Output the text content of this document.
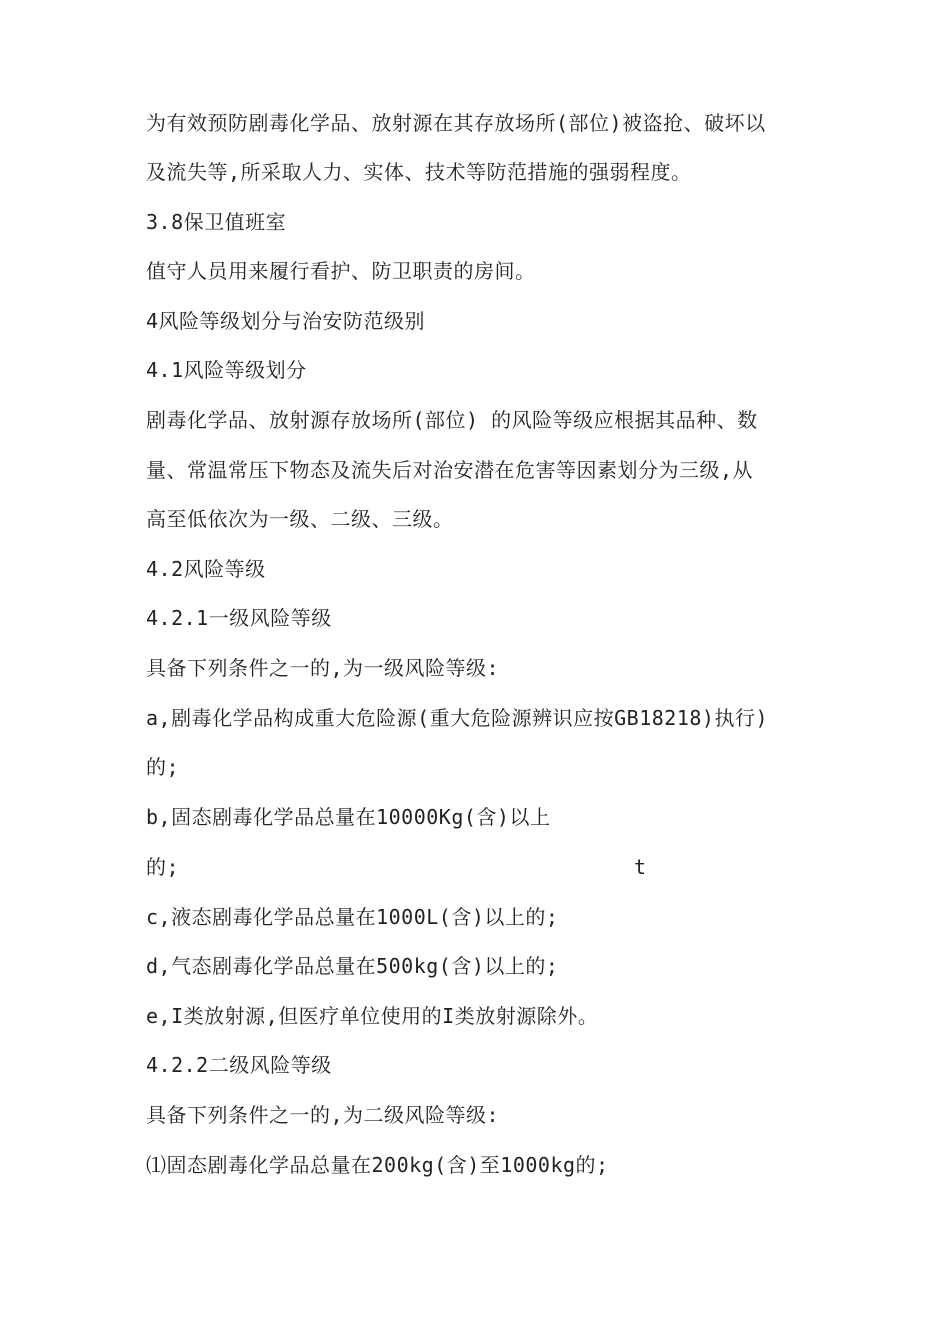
为有效预防剧毒化学品、放射源在其存放场所(部位)被盗抢、破坏以
及流失等,所采取人力、实体、技术等防范措施的强弱程度。
3.8保卫值班室
值守人员用来履行看护、防卫职责的房间。
4风险等级划分与治安防范级别
4.1风险等级划分
剧毒化学品、放射源存放场所(部位) 的风险等级应根据其品种、数
量、常温常压下物态及流失后对治安潜在危害等因素划分为三级,从
高至低依次为一级、二级、三级。
4.2风险等级
4.2.1一级风险等级
具备下列条件之一的,为一级风险等级:
a,剧毒化学品构成重大危险源(重大危险源辨识应按GB18218)执行)
的;
b,固态剧毒化学品总量在10000Kg(含)以上
的;	t
c,液态剧毒化学品总量在1000L(含)以上的;
d,气态剧毒化学品总量在500kg(含)以上的;
e,I类放射源,但医疗单位使用的I类放射源除外。
4.2.2二级风险等级
具备下列条件之一的,为二级风险等级:
⑴固态剧毒化学品总量在200kg(含)至1000kg的;
